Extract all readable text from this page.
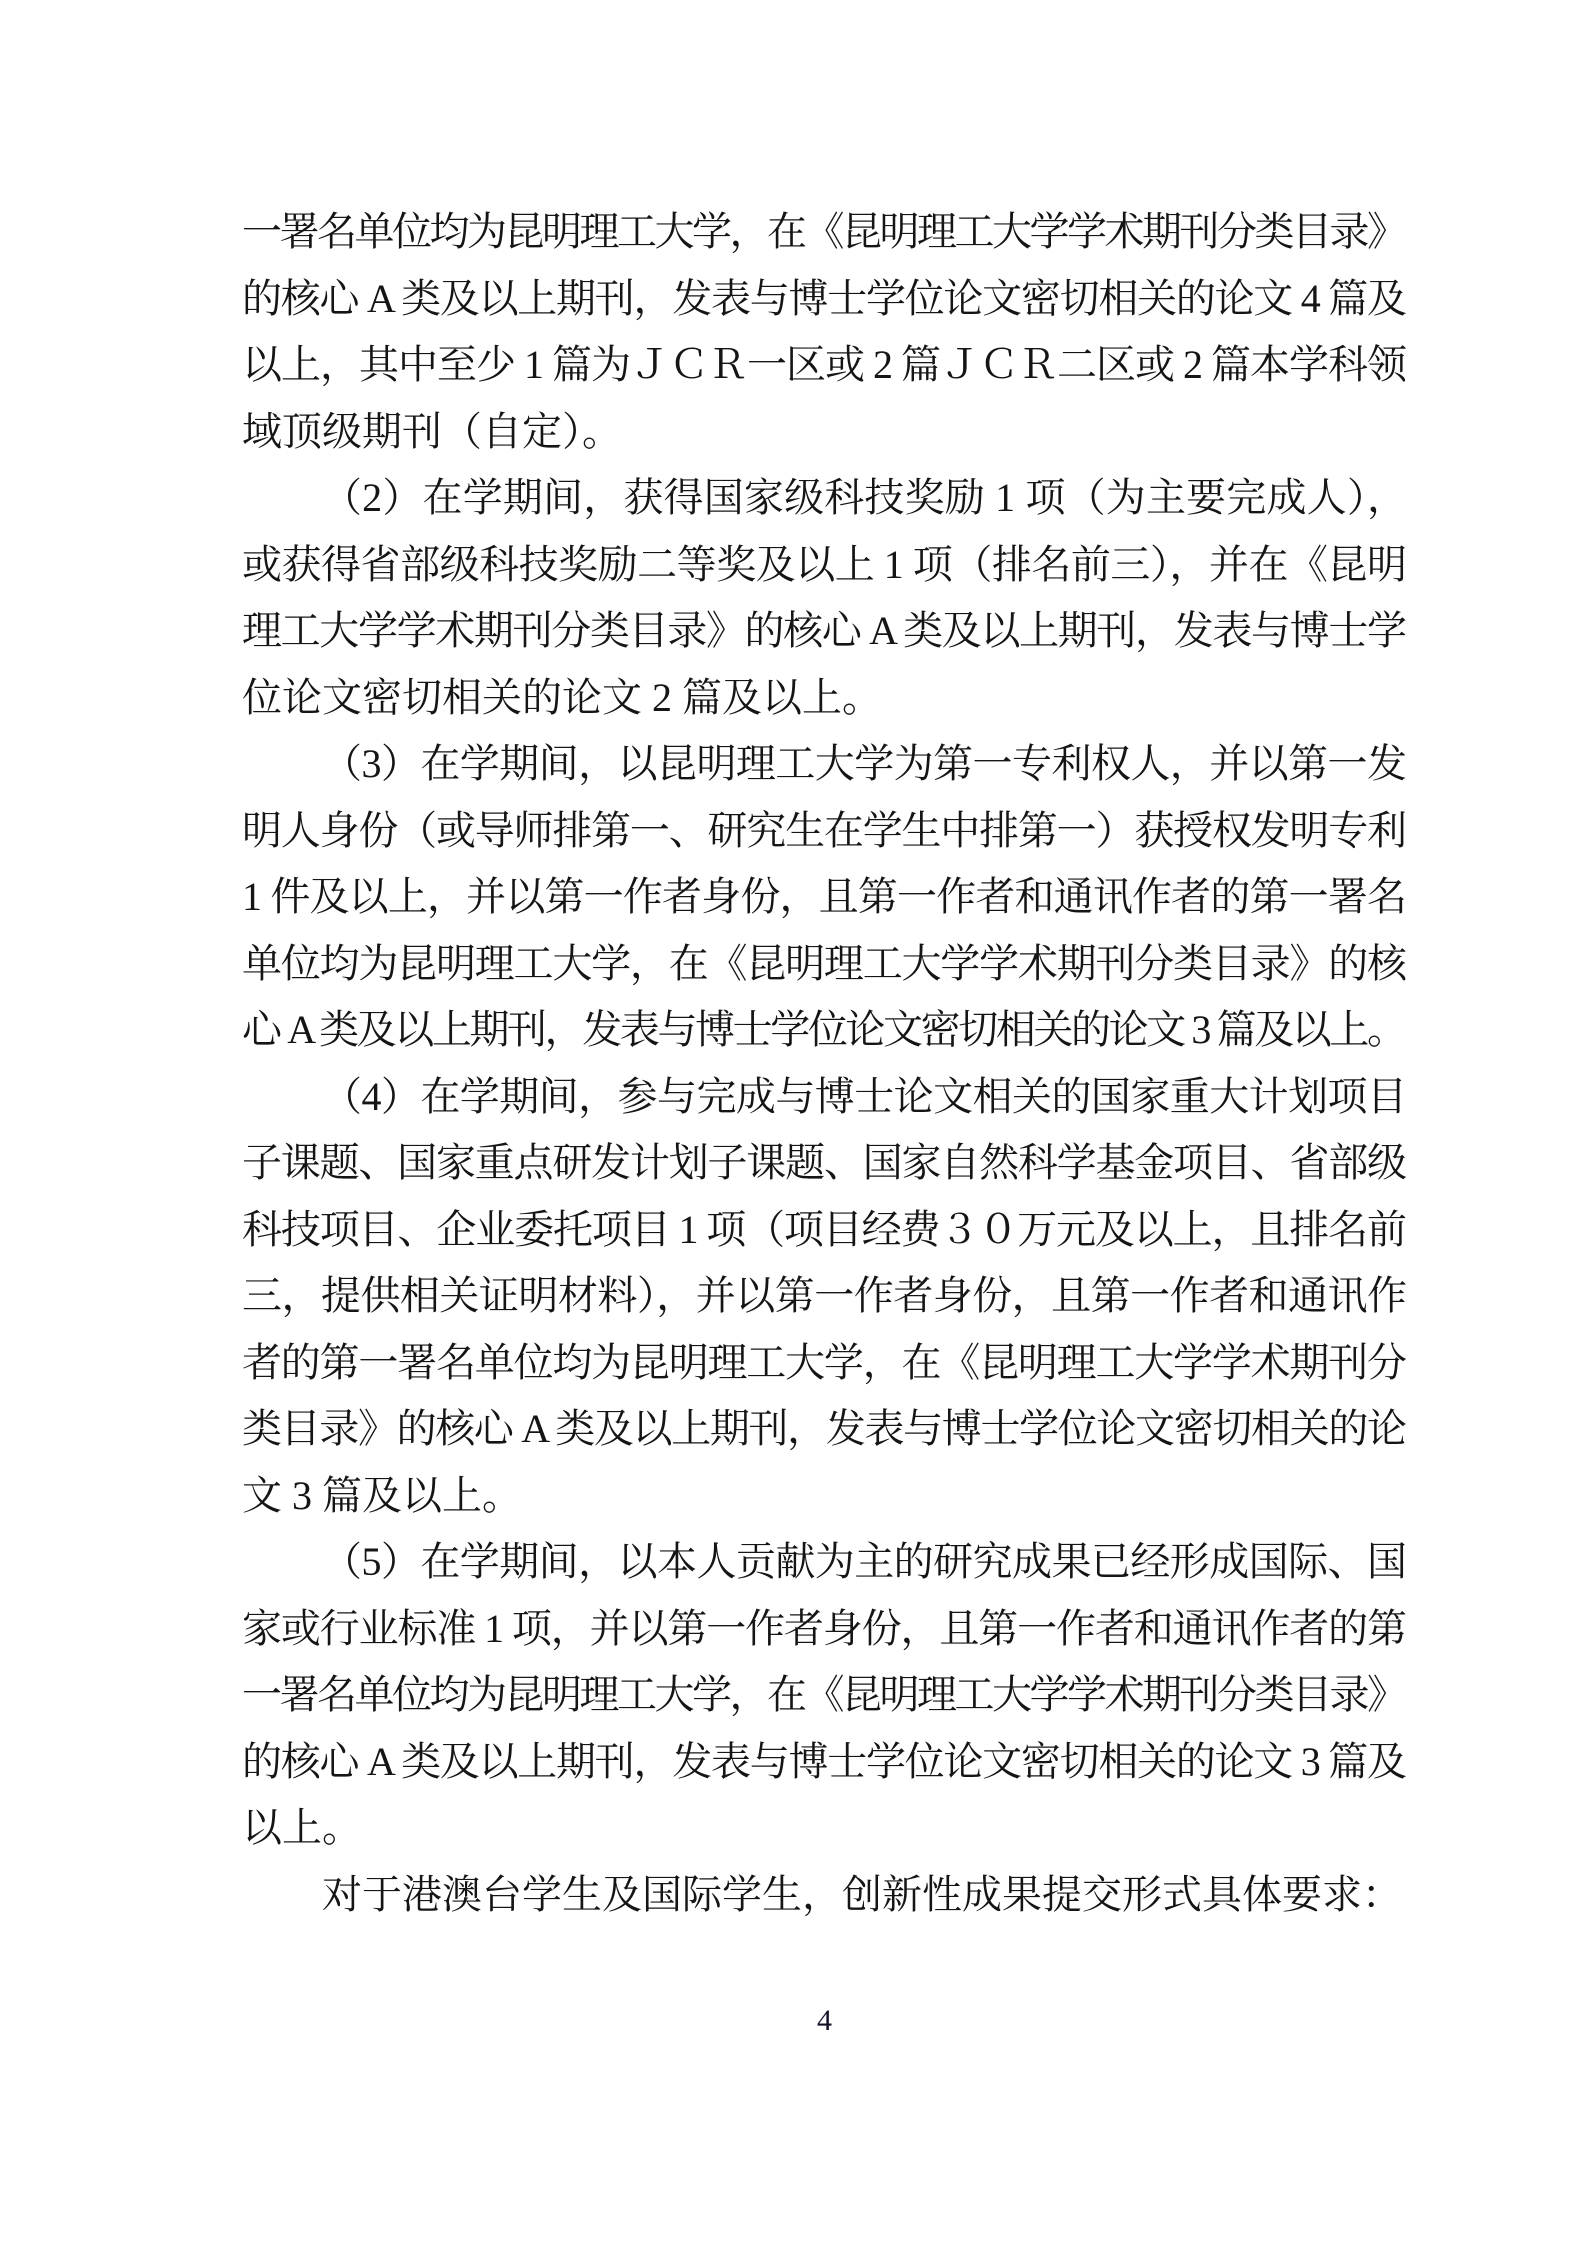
一署名单位均为昆明理工大学，在《昆明理工大学学术期刊分类目录》
的核心 A 类及以上期刊，发表与博士学位论文密切相关的论文 4 篇及
以上，其中至少 1 篇为ＪＣＲ一区或 2 篇ＪＣＲ二区或 2 篇本学科领
域顶级期刊（自定）。
（2）在学期间，获得国家级科技奖励 1 项（为主要完成人），
或获得省部级科技奖励二等奖及以上 1 项（排名前三），并在《昆明
理工大学学术期刊分类目录》的核心 A 类及以上期刊，发表与博士学
位论文密切相关的论文 2 篇及以上。
（3）在学期间，以昆明理工大学为第一专利权人，并以第一发
明人身份（或导师排第一、研究生在学生中排第一）获授权发明专利
1 件及以上，并以第一作者身份，且第一作者和通讯作者的第一署名
单位均为昆明理工大学，在《昆明理工大学学术期刊分类目录》的核
心 A 类及以上期刊，发表与博士学位论文密切相关的论文 3 篇及以上。
（4）在学期间，参与完成与博士论文相关的国家重大计划项目
子课题、国家重点研发计划子课题、国家自然科学基金项目、省部级
科技项目、企业委托项目 1 项（项目经费３０万元及以上，且排名前
三，提供相关证明材料），并以第一作者身份，且第一作者和通讯作
者的第一署名单位均为昆明理工大学，在《昆明理工大学学术期刊分
类目录》的核心 A 类及以上期刊，发表与博士学位论文密切相关的论
文 3 篇及以上。
（5）在学期间，以本人贡献为主的研究成果已经形成国际、国
家或行业标准 1 项，并以第一作者身份，且第一作者和通讯作者的第
一署名单位均为昆明理工大学，在《昆明理工大学学术期刊分类目录》
的核心 A 类及以上期刊，发表与博士学位论文密切相关的论文 3 篇及
以上。
对于港澳台学生及国际学生，创新性成果提交形式具体要求：
4
